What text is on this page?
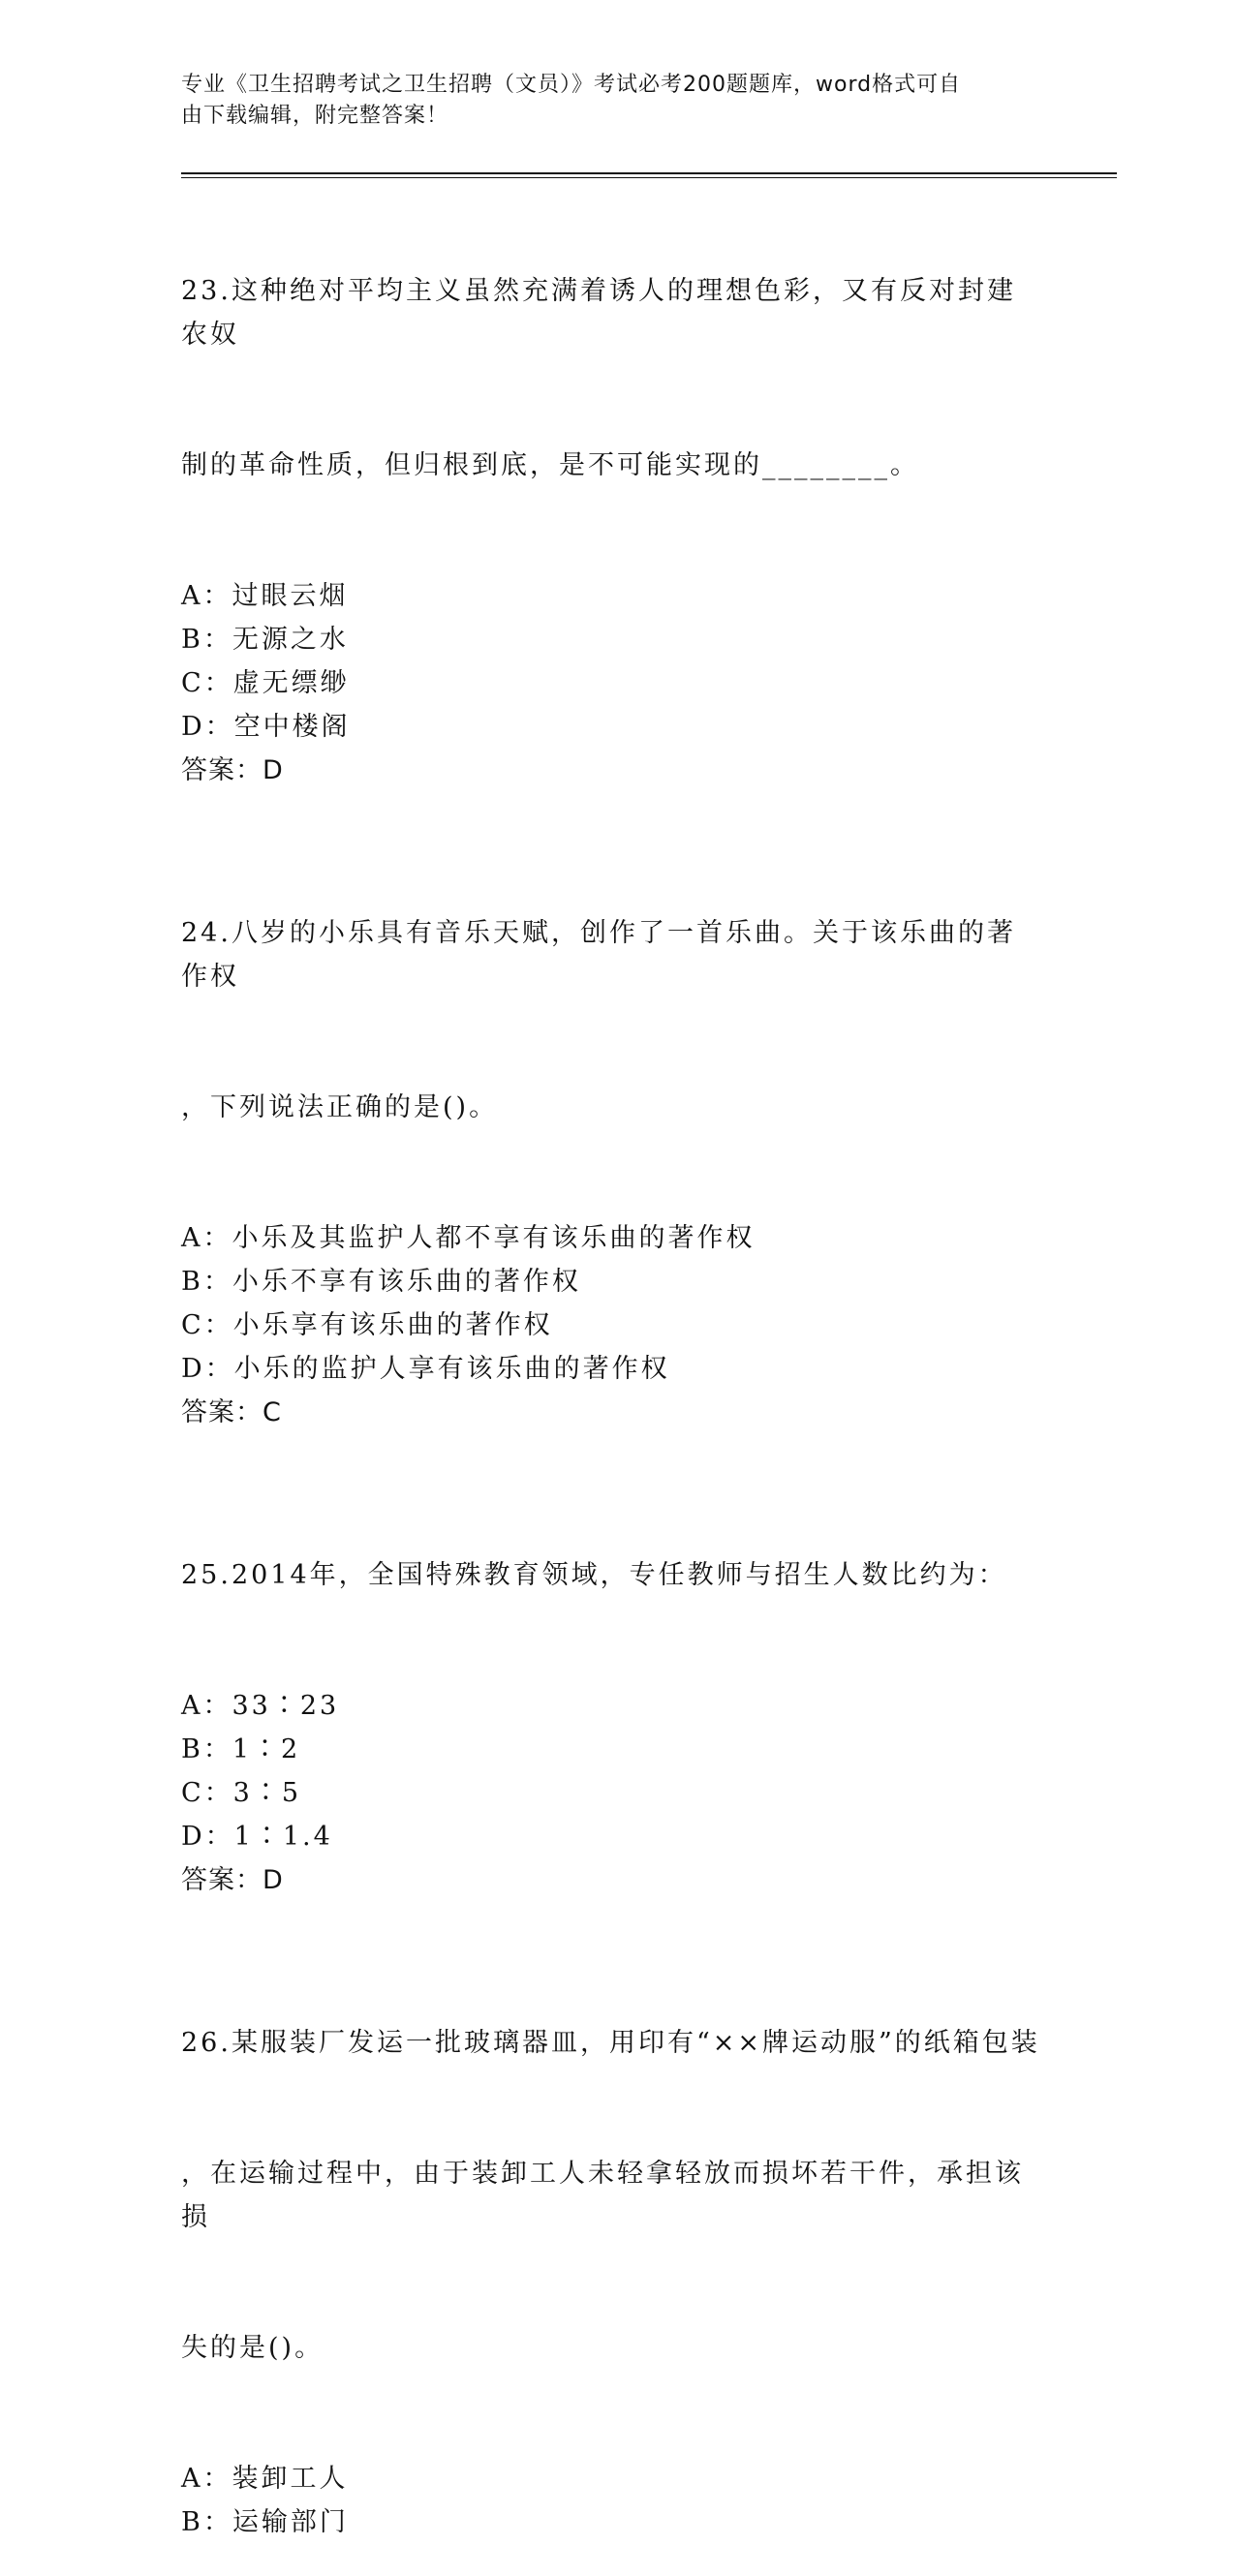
专业《卫生招聘考试之卫生招聘（文员）》考试必考200题题库，word格式可自
由下载编辑，附完整答案！

23.这种绝对平均主义虽然充满着诱人的理想色彩，又有反对封建农奴

制的革命性质，但归根到底，是不可能实现的________。

A：过眼云烟
B：无源之水
C：虚无缥缈
D：空中楼阁
答案：D

24.八岁的小乐具有音乐天赋，创作了一首乐曲。关于该乐曲的著作权

，下列说法正确的是()。

A：小乐及其监护人都不享有该乐曲的著作权
B：小乐不享有该乐曲的著作权
C：小乐享有该乐曲的著作权
D：小乐的监护人享有该乐曲的著作权
答案：C

25.2014年，全国特殊教育领域，专任教师与招生人数比约为：

A：33∶23
B：1∶2
C：3∶5
D：1∶1.4
答案：D

26.某服装厂发运一批玻璃器皿，用印有“××牌运动服”的纸箱包装

，在运输过程中，由于装卸工人未轻拿轻放而损坏若干件，承担该损

失的是()。

A：装卸工人
B：运输部门
